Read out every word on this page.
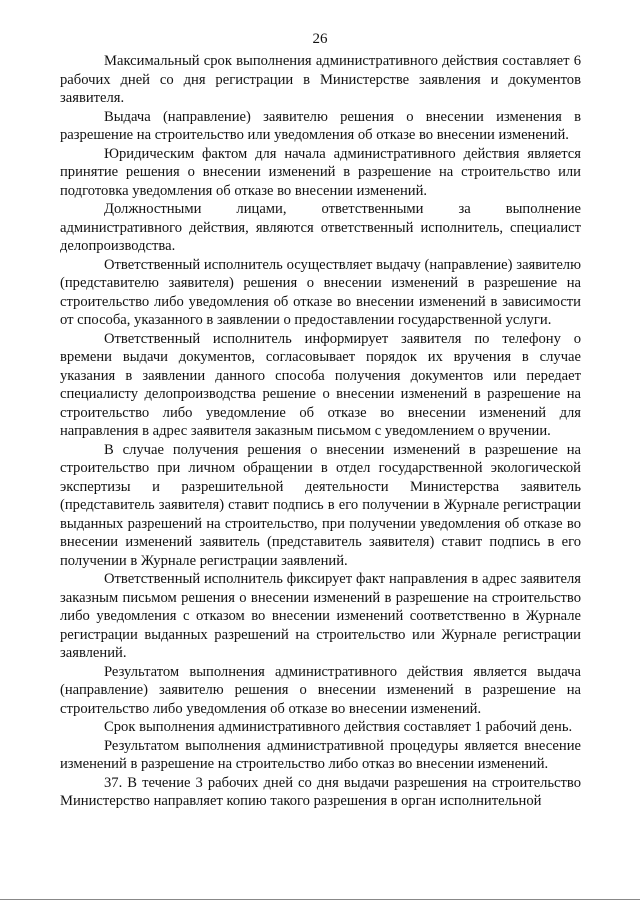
26

Максимальный срок выполнения административного действия составляет 6 рабочих дней со дня регистрации в Министерстве заявления и документов заявителя.

Выдача (направление) заявителю решения о внесении изменения в разрешение на строительство или уведомления об отказе во внесении изменений.

Юридическим фактом для начала административного действия является принятие решения о внесении изменений в разрешение на строительство или подготовка уведомления об отказе во внесении изменений.

Должностными лицами, ответственными за выполнение административного действия, являются ответственный исполнитель, специалист делопроизводства.

Ответственный исполнитель осуществляет выдачу (направление) заявителю (представителю заявителя) решения о внесении изменений в разрешение на строительство либо уведомления об отказе во внесении изменений в зависимости от способа, указанного в заявлении о предоставлении государственной услуги.

Ответственный исполнитель информирует заявителя по телефону о времени выдачи документов, согласовывает порядок их вручения в случае указания в заявлении данного способа получения документов или передает специалисту делопроизводства решение о внесении изменений в разрешение на строительство либо уведомление об отказе во внесении изменений для направления в адрес заявителя заказным письмом с уведомлением о вручении.

В случае получения решения о внесении изменений в разрешение на строительство при личном обращении в отдел государственной экологической экспертизы и разрешительной деятельности Министерства заявитель (представитель заявителя) ставит подпись в его получении в Журнале регистрации выданных разрешений на строительство, при получении уведомления об отказе во внесении изменений заявитель (представитель заявителя) ставит подпись в его получении в Журнале регистрации заявлений.

Ответственный исполнитель фиксирует факт направления в адрес заявителя заказным письмом решения о внесении изменений в разрешение на строительство либо уведомления с отказом во внесении изменений соответственно в Журнале регистрации выданных разрешений на строительство или Журнале регистрации заявлений.

Результатом выполнения административного действия является выдача (направление) заявителю решения о внесении изменений в разрешение на строительство либо уведомления об отказе во внесении изменений.

Срок выполнения административного действия составляет 1 рабочий день.

Результатом выполнения административной процедуры является внесение изменений в разрешение на строительство либо отказ во внесении изменений.

37. В течение 3 рабочих дней со дня выдачи разрешения на строительство Министерство направляет копию такого разрешения в орган исполнительной
